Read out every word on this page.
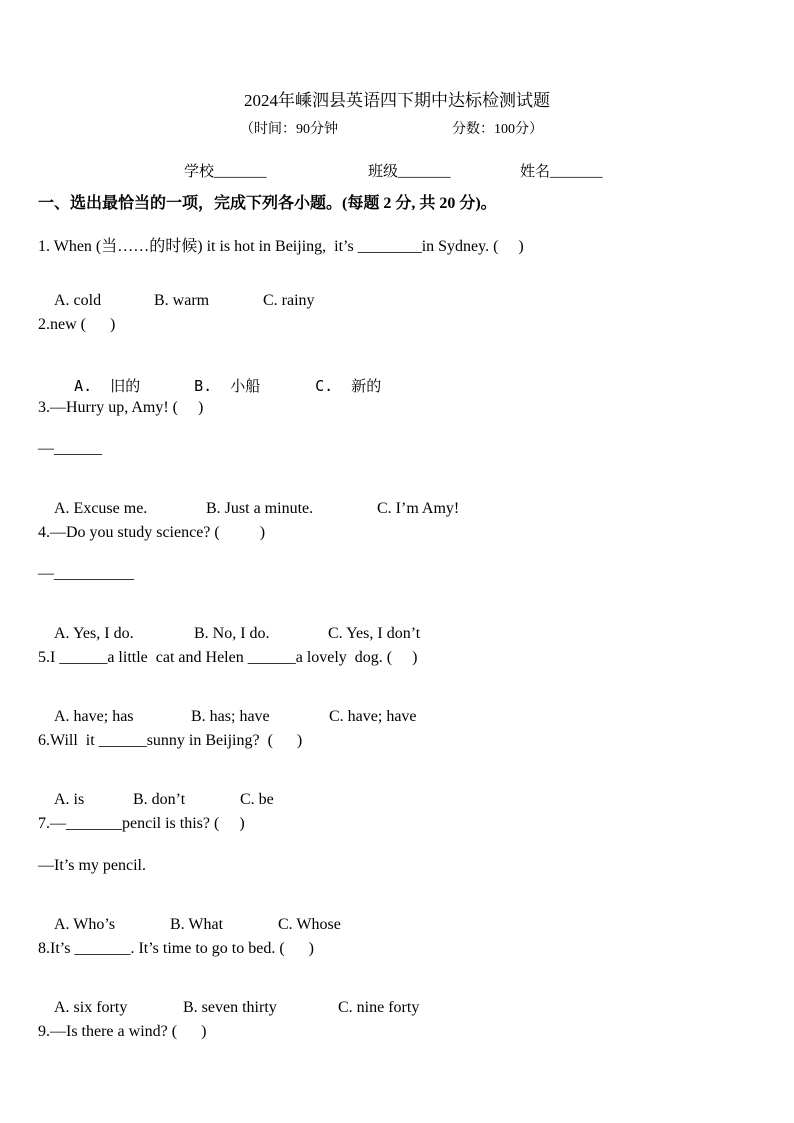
2024年嵊泗县英语四下期中达标检测试题
（时间：90分钟	分数：100分）
学校_______	班级_______	姓名_______
一、选出最恰当的一项，完成下列各小题。(每题 2 分, 共 20 分)。
1. When (当……的时候) it is hot in Beijing,  it’s ________in Sydney. (     )

A. cold	B. warm	C. rainy

2.new (      )

A.  旧的	B.  小船	C.  新的

3.—Hurry up, Amy! (     )
—______

A. Excuse me.	B. Just a minute.	C. I’m Amy!

4.—Do you study science? (          )
—__________

A. Yes, I do.	B. No, I do.	C. Yes, I don’t

5.I ______a little  cat and Helen ______a lovely  dog. (     )

A. have; has	B. has; have	C. have; have

6.Will  it ______sunny in Beijing?  (      )

A. is	B. don’t	C. be

7.—_______pencil is this? (     )
—It’s my pencil.

A. Who’s	B. What	C. Whose

8.It’s _______. It’s time to go to bed. (      )

A. six forty	B. seven thirty	C. nine forty

9.—Is there a wind? (      )
